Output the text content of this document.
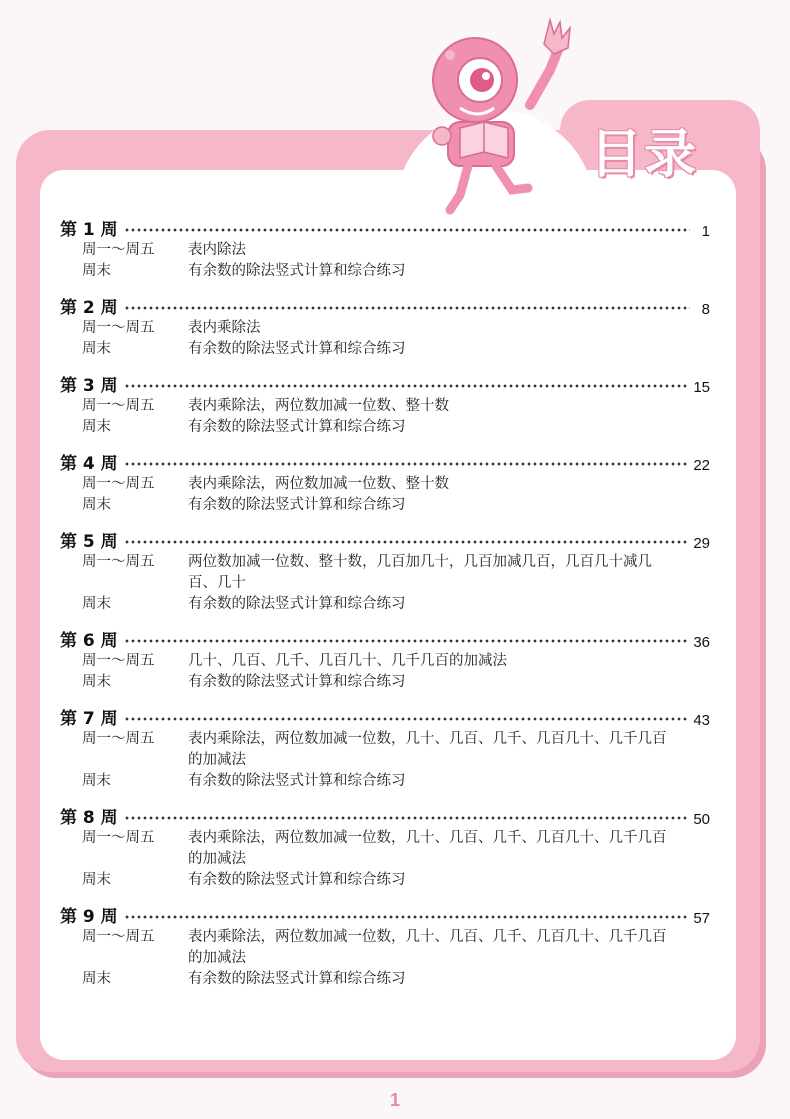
目录
第 1 周	1
周一～周五	表内除法
周末	有余数的除法竖式计算和综合练习
第 2 周	8
周一～周五	表内乘除法
周末	有余数的除法竖式计算和综合练习
第 3 周	15
周一～周五	表内乘除法，两位数加减一位数、整十数
周末	有余数的除法竖式计算和综合练习
第 4 周	22
周一～周五	表内乘除法，两位数加减一位数、整十数
周末	有余数的除法竖式计算和综合练习
第 5 周	29
周一～周五	两位数加减一位数、整十数，几百加几十，几百加减几百，几百几十减几百、几十
周末	有余数的除法竖式计算和综合练习
第 6 周	36
周一～周五	几十、几百、几千、几百几十、几千几百的加减法
周末	有余数的除法竖式计算和综合练习
第 7 周	43
周一～周五	表内乘除法，两位数加减一位数，几十、几百、几千、几百几十、几千几百的加减法
周末	有余数的除法竖式计算和综合练习
第 8 周	50
周一～周五	表内乘除法，两位数加减一位数，几十、几百、几千、几百几十、几千几百的加减法
周末	有余数的除法竖式计算和综合练习
第 9 周	57
周一～周五	表内乘除法，两位数加减一位数，几十、几百、几千、几百几十、几千几百的加减法
周末	有余数的除法竖式计算和综合练习
1
